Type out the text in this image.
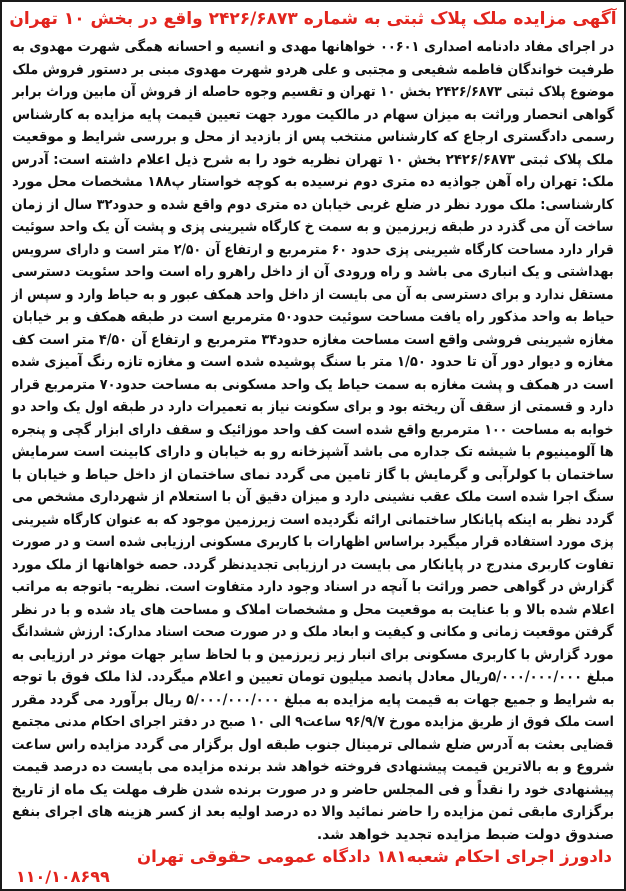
آگهی مزایده ملک پلاک ثبتی به شماره ۲۴۲۶/۶۸۷۳ واقع در بخش ۱۰ تهران
در اجرای مفاد دادنامه اصداری ۰۰۶۰۱ خواهانها مهدی و انسیه و احسانه همگی شهرت مهدوی به
طرفیت خواندگان فاطمه شفیعی و مجتبی و علی هردو شهرت مهدوی مبنی بر دستور فروش ملک
موضوع پلاک ثبتی ۲۴۲۶/۶۸۷۳ بخش ۱۰ تهران و تقسیم وجوه حاصله از فروش آن مابین وراث برابر
گواهی انحصار وراثت به میزان سهام در مالکیت مورد جهت تعیین قیمت پایه مزایده به کارشناس
رسمی دادگستری ارجاع که کارشناس منتخب پس از بازدید از محل و بررسی شرایط و موقعیت
ملک پلاک ثبتی ۲۴۲۶/۶۸۷۳ بخش ۱۰ تهران نظریه خود را به شرح ذیل اعلام داشته است: آدرس
ملک: تهران راه آهن جواذیه ده متری دوم نرسیده به کوچه خواستار پ۱۸۸ مشخصات محل مورد
کارشناسی: ملک مورد نظر در ضلع غربی خیابان ده متری دوم واقع شده و حدود۳۲ سال از زمان
ساخت آن می گذرد در طبقه زیرزمین و به سمت خ کارگاه شیرینی پزی و پشت آن یک واحد سوئیت
قرار دارد مساحت کارگاه شیرینی پزی حدود ۶۰ مترمربع و ارتفاع آن ۲/۵۰ متر است و دارای سرویس
بهداشتی و یک انباری می باشد و راه ورودی آن از داخل راهرو راه است واحد سئویت دسترسی
مستقل ندارد و برای دسترسی به آن می بایست از داخل واحد همکف عبور و به حیاط وارد و سپس از
حیاط به واحد مذکور راه یافت مساحت سوئیت حدود۵۰ مترمربع است در طبقه همکف و بر خیابان
مغازه شیرینی فروشی واقع است مساحت مغازه حدود۳۴ مترمربع و ارتفاع آن ۴/۵۰ متر است کف
مغازه و دیوار دور آن تا حدود ۱/۵۰ متر با سنگ پوشیده شده است و مغازه تازه رنگ آمیزی شده
است در همکف و پشت مغازه به سمت حیاط یک واحد مسکونی به مساحت حدود۷۰ مترمربع قرار
دارد و قسمتی از سقف آن ریخته بود و برای سکونت نیاز به تعمیرات دارد در طبقه اول یک واحد دو
خوابه به مساحت ۱۰۰ مترمربع واقع شده است کف واحد موزائیک و سقف دارای ابزار گچی و پنجره
ها آلومینیوم با شیشه تک جداره می باشد آشپزخانه رو به خیابان و دارای کابینت است سرمایش
ساختمان با کولرآبی و گرمایش با گاز تامین می گردد نمای ساختمان از داخل حیاط و خیابان با
سنگ اجرا شده است ملک عقب نشینی دارد و میزان دقیق آن با استعلام از شهرداری مشخص می
گردد نظر به اینکه پایانکار ساختمانی ارائه نگردیده است زیرزمین موجود که به عنوان کارگاه شیرینی
پزی مورد استفاده قرار میگیرد براساس اظهارات با کاربری مسکونی ارزیابی شده است و در صورت
تفاوت کاربری مندرج در پایانکار می بایست در ارزیابی تجدیدنظر گردد. حصه خواهانها از ملک مورد
گزارش در گواهی حصر وراثت با آنچه در اسناد وجود دارد متفاوت است. نظریه- باتوجه به مراتب
اعلام شده بالا و با عنایت به موقعیت محل و مشخصات املاک و مساحت های یاد شده و با در نظر
گرفتن موقعیت زمانی و مکانی و کیفیت و ابعاد ملک و در صورت صحت اسناد مدارک: ارزش ششدانگ
مورد گزارش با کاربری مسکونی برای انبار زیر زیرزمین و با لحاظ سایر جهات موثر در ارزیابی به
مبلغ ۵/۰۰۰/۰۰۰/۰۰۰ریال معادل پانصد میلیون تومان تعیین و اعلام میگردد. لذا ملک فوق با توجه
به شرایط و جمیع جهات به قیمت پایه مزایده به مبلغ ۵/۰۰۰/۰۰۰/۰۰۰ ریال برآورد می گردد مقرر
است ملک فوق از طریق مزایده مورخ ۹۶/۹/۷ ساعت۹ الی ۱۰ صبح در دفتر اجرای احکام مدنی مجتمع
قضایی بعثت به آدرس ضلع شمالی ترمینال جنوب طبقه اول برگزار می گردد مزایده راس ساعت
شروع و به بالاترین قیمت پیشنهادی فروخته خواهد شد برنده مزایده می بایست ده درصد قیمت
پیشنهادی خود را نقداً و فی المجلس حاضر و در صورت برنده شدن ظرف مهلت یک ماه از تاریخ
برگزاری مابقی ثمن مزایده را حاضر نمائید والا ده درصد اولیه بعد از کسر هزینه های اجرای بنفع
صندوق دولت ضبط مزایده تجدید خواهد شد.
دادورز اجرای احکام شعبه۱۸۱ دادگاه عمومی حقوقی تهران
۱۱۰/۱۰۸۶۹۹
